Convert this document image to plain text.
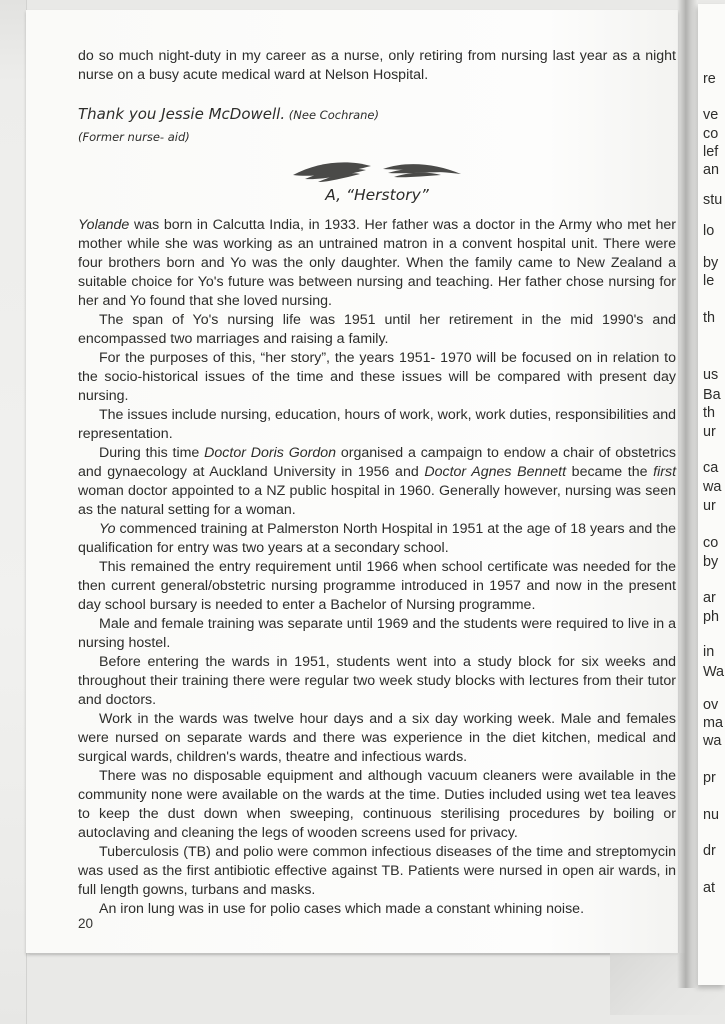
do so much night-duty in my career as a nurse, only retiring from nursing last year as a night nurse on a busy acute medical ward at Nelson Hospital.

Thank you Jessie McDowell. (Nee Cochrane)
(Former nurse- aid)
A, “Herstory”

Yolande was born in Calcutta India, in 1933. Her father was a doctor in the Army who met her mother while she was working as an untrained matron in a convent hospital unit. There were four brothers born and Yo was the only daughter. When the family came to New Zealand a suitable choice for Yo's future was between nursing and teaching. Her father chose nursing for her and Yo found that she loved nursing.

The span of Yo's nursing life was 1951 until her retirement in the mid 1990's and encompassed two marriages and raising a family.

For the purposes of this, “her story”, the years 1951- 1970 will be focused on in relation to the socio-historical issues of the time and these issues will be compared with present day nursing.

The issues include nursing, education, hours of work, work, work duties, responsibilities and representation.

During this time Doctor Doris Gordon organised a campaign to endow a chair of obstetrics and gynaecology at Auckland University in 1956 and Doctor Agnes Bennett became the first woman doctor appointed to a NZ public hospital in 1960. Generally however, nursing was seen as the natural setting for a woman.

Yo commenced training at Palmerston North Hospital in 1951 at the age of 18 years and the qualification for entry was two years at a secondary school.

This remained the entry requirement until 1966 when school certificate was needed for the then current general/obstetric nursing programme introduced in 1957 and now in the present day school bursary is needed to enter a Bachelor of Nursing programme.

Male and female training was separate until 1969 and the students were required to live in a nursing hostel.

Before entering the wards in 1951, students went into a study block for six weeks and throughout their training there were regular two week study blocks with lectures from their tutor and doctors.

Work in the wards was twelve hour days and a six day working week. Male and females were nursed on separate wards and there was experience in the diet kitchen, medical and surgical wards, children's wards, theatre and infectious wards.

There was no disposable equipment and although vacuum cleaners were available in the community none were available on the wards at the time. Duties included using wet tea leaves to keep the dust down when sweeping, continuous sterilising procedures by boiling or autoclaving and cleaning the legs of wooden screens used for privacy.

Tuberculosis (TB) and polio were common infectious diseases of the time and streptomycin was used as the first antibiotic effective against TB. Patients were nursed in open air wards, in full length gowns, turbans and masks.

An iron lung was in use for polio cases which made a constant whining noise.

20
re
ve
co
lef
an
stu
lo
by
le
th
us
Ba
th
ur
ca
wa
ur
co
by
ar
ph
in
Wa
ov
ma
wa
pr
nu
dr
at
